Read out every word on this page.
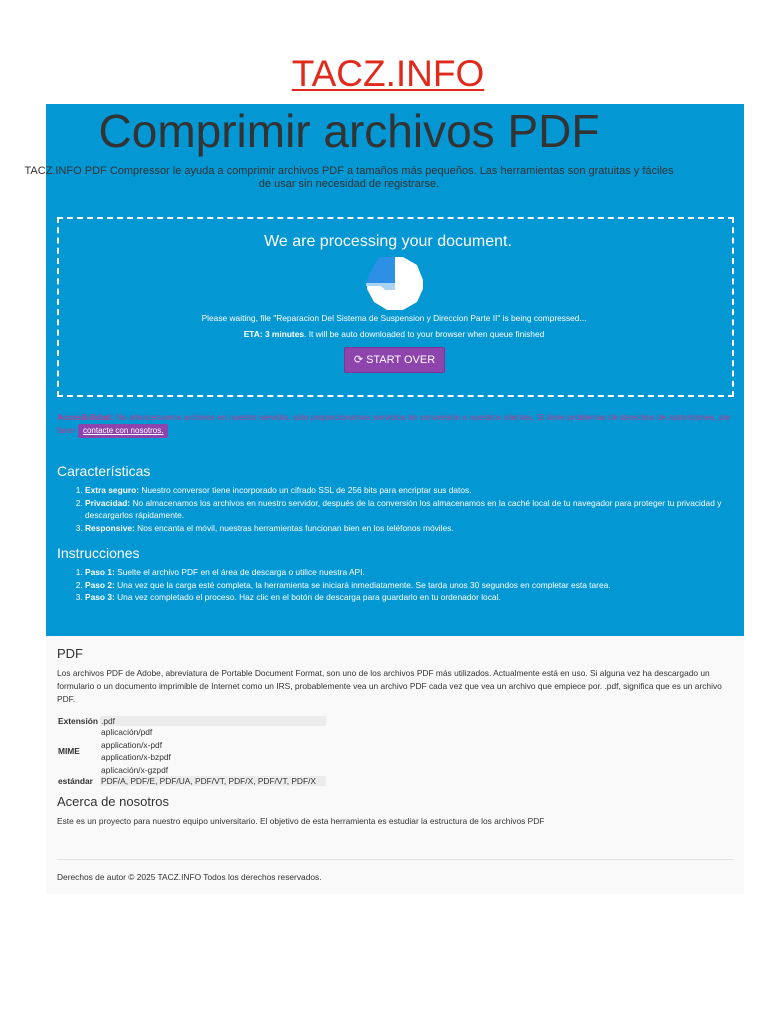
TACZ.INFO
Comprimir archivos PDF
TACZ.INFO PDF Compressor le ayuda a comprimir archivos PDF a tamaños más pequeños. Las herramientas son gratuitas y fáciles de usar sin necesidad de registrarse.
We are processing your document.
Please waiting, file "Reparacion Del Sistema de Suspension y Direccion Parte II" is being compressed...
ETA: 3 minutes. It will be auto downloaded to your browser when queue finished
⟳ START OVER
Accesibilidad: No almacenamos archivos en nuestro servidor, sólo proporcionamos servicios de conversión a nuestros clientes. Si tiene problemas de derechos de autor/clones, por favor contacte con nosotros.
Características
1. Extra seguro: Nuestro conversor tiene incorporado un cifrado SSL de 256 bits para encriptar sus datos.
2. Privacidad: No almacenamos los archivos en nuestro servidor, después de la conversión los almacenamos en la caché local de tu navegador para proteger tu privacidad y descargarlos rápidamente.
3. Responsive: Nos encanta el móvil, nuestras herramientas funcionan bien en los teléfonos móviles.
Instrucciones
1. Paso 1: Suelte el archivo PDF en el área de descarga o utilice nuestra API.
2. Paso 2: Una vez que la carga esté completa, la herramienta se iniciará inmediatamente. Se tarda unos 30 segundos en completar esta tarea.
3. Paso 3: Una vez completado el proceso. Haz clic en el botón de descarga para guardarlo en tu ordenador local.
PDF

Los archivos PDF de Adobe, abreviatura de Portable Document Format, son uno de los archivos PDF más utilizados. Actualmente está en uso. Si alguna vez ha descargado un formulario o un documento imprimible de Internet como un IRS, probablemente vea un archivo PDF cada vez que vea un archivo que empiece por. .pdf, significa que es un archivo PDF.

Extensión	.pdf
MIME	aplicación/pdf
application/x-pdf
application/x-bzpdf
aplicación/x-gzpdf

estándar	PDF/A, PDF/E, PDF/UA, PDF/VT, PDF/X, PDF/VT, PDF/X
Acerca de nosotros

Este es un proyecto para nuestro equipo universitario. El objetivo de esta herramienta es estudiar la estructura de los archivos PDF

Derechos de autor © 2025 TACZ.INFO Todos los derechos reservados.
